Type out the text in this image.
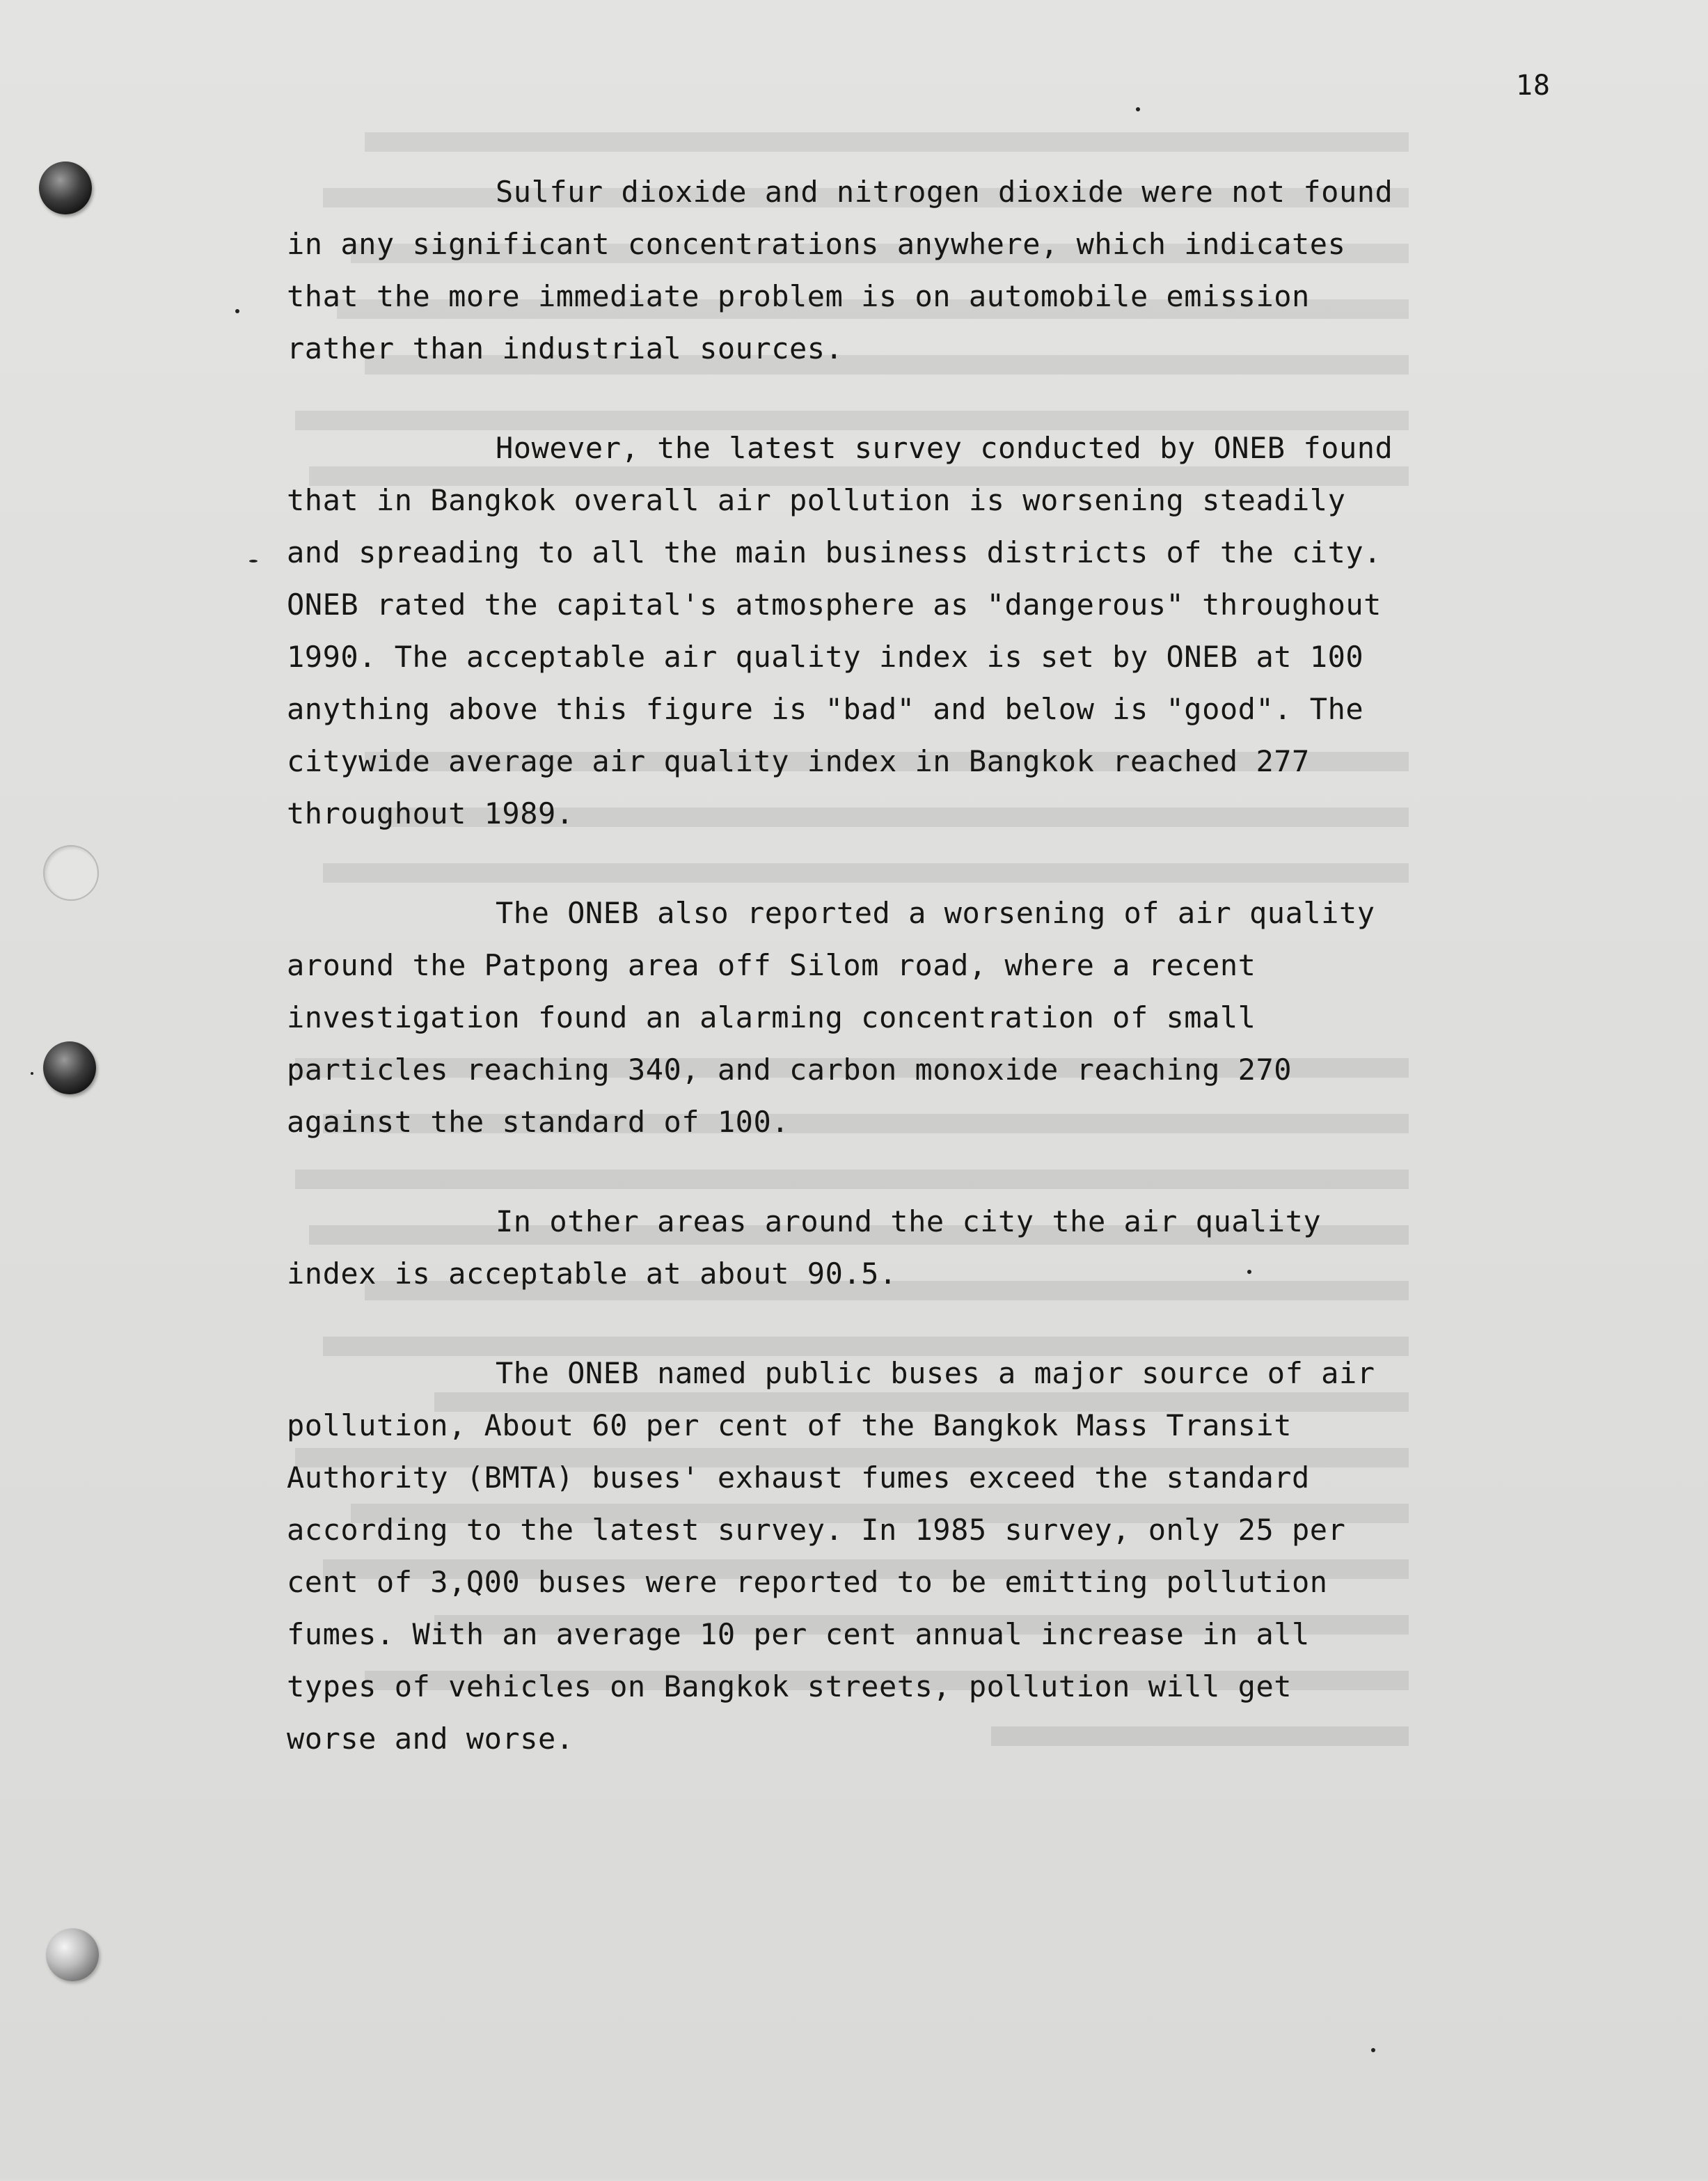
18

Sulfur dioxide and nitrogen dioxide were not found
in any significant concentrations anywhere, which indicates
that the more immediate problem is on automobile emission
rather than industrial sources.

However, the latest survey conducted by ONEB found
that in Bangkok overall air pollution is worsening steadily
and spreading to all the main business districts of the city.
ONEB rated the capital's atmosphere as "dangerous" throughout
1990. The acceptable air quality index is set by ONEB at 100
anything above this figure is "bad" and below is "good". The
citywide average air quality index in Bangkok reached 277
throughout 1989.

The ONEB also reported a worsening of air quality
around the Patpong area off Silom road, where a recent
investigation found an alarming concentration of small
particles reaching 340, and carbon monoxide reaching 270
against the standard of 100.

In other areas around the city the air quality
index is acceptable at about 90.5.

The ONEB named public buses a major source of air
pollution, About 60 per cent of the Bangkok Mass Transit
Authority (BMTA) buses' exhaust fumes exceed the standard
according to the latest survey. In 1985 survey, only 25 per
cent of 3,Q00 buses were reported to be emitting pollution
fumes. With an average 10 per cent annual increase in all
types of vehicles on Bangkok streets, pollution will get
worse and worse.
